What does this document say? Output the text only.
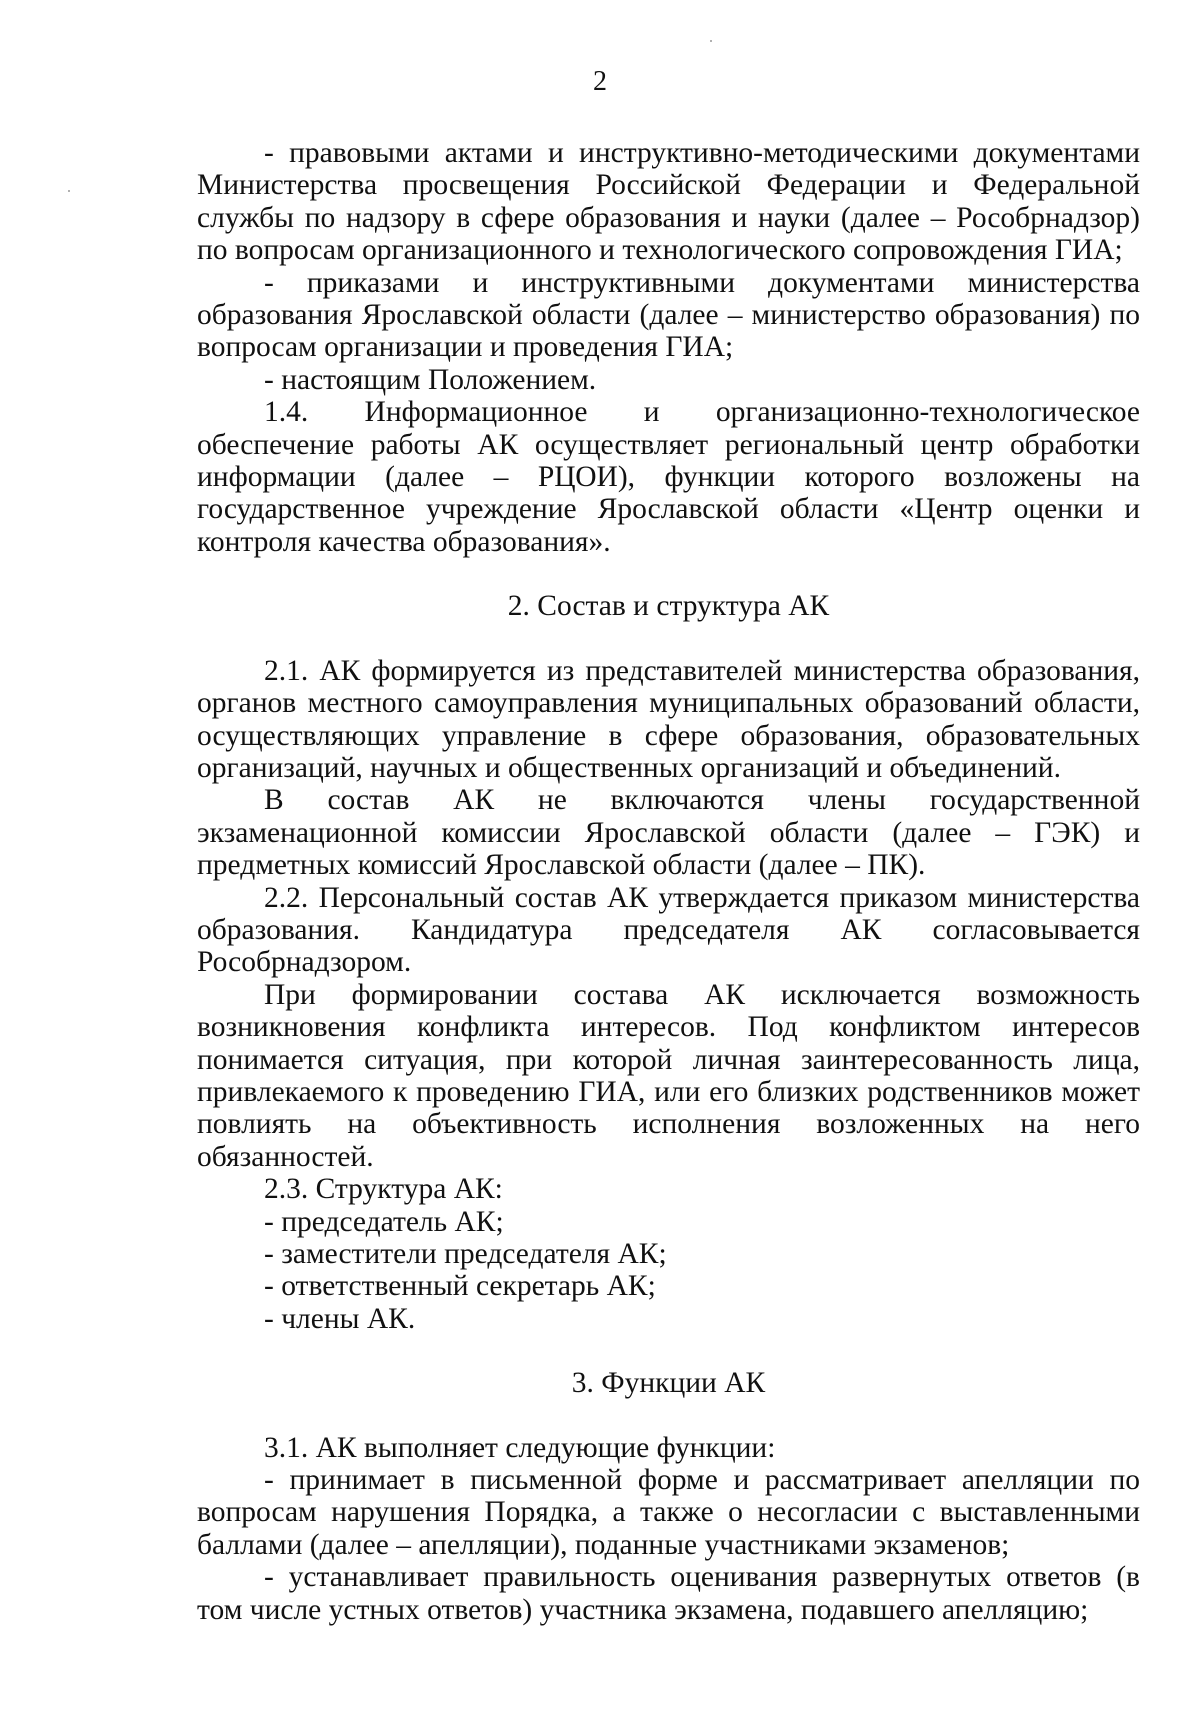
2

- правовыми актами и инструктивно-методическими документами Министерства просвещения Российской Федерации и Федеральной службы по надзору в сфере образования и науки (далее – Рособрнадзор) по вопросам организационного и технологического сопровождения ГИА;

- приказами и инструктивными документами министерства образования Ярославской области (далее – министерство образования) по вопросам организации и проведения ГИА;

- настоящим Положением.

1.4. Информационное и организационно-технологическое обеспечение работы АК осуществляет региональный центр обработки информации (далее – РЦОИ), функции которого возложены на государственное учреждение Ярославской области «Центр оценки и контроля качества образования».

2. Состав и структура АК

2.1. АК формируется из представителей министерства образования, органов местного самоуправления муниципальных образований области, осуществляющих управление в сфере образования, образовательных организаций, научных и общественных организаций и объединений.

В состав АК не включаются члены государственной экзаменационной комиссии Ярославской области (далее – ГЭК) и предметных комиссий Ярославской области (далее – ПК).

2.2. Персональный состав АК утверждается приказом министерства образования. Кандидатура председателя АК согласовывается Рособрнадзором.

При формировании состава АК исключается возможность возникновения конфликта интересов. Под конфликтом интересов понимается ситуация, при которой личная заинтересованность лица, привлекаемого к проведению ГИА, или его близких родственников может повлиять на объективность исполнения возложенных на него обязанностей.

2.3. Структура АК:

- председатель АК;

- заместители председателя АК;

- ответственный секретарь АК;

- члены АК.

3. Функции АК

3.1. АК выполняет следующие функции:

- принимает в письменной форме и рассматривает апелляции по вопросам нарушения Порядка, а также о несогласии с выставленными баллами (далее – апелляции), поданные участниками экзаменов;

- устанавливает правильность оценивания развернутых ответов (в том числе устных ответов) участника экзамена, подавшего апелляцию;
